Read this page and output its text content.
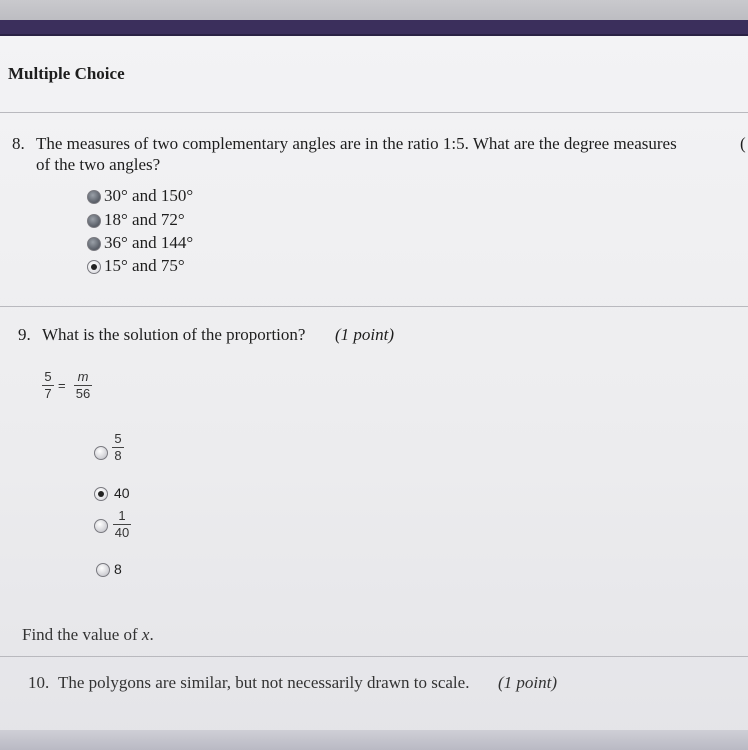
Multiple Choice
8. The measures of two complementary angles are in the ratio 1:5. What are the degree measures	(
of the two angles?
30° and 150°
18° and 72°
36° and 144°
15° and 75°
9. What is the solution of the proportion? (1 point)
5
7
=
m
56
5
8
40
1
40
8
Find the value of x.
10. The polygons are similar, but not necessarily drawn to scale. (1 point)
